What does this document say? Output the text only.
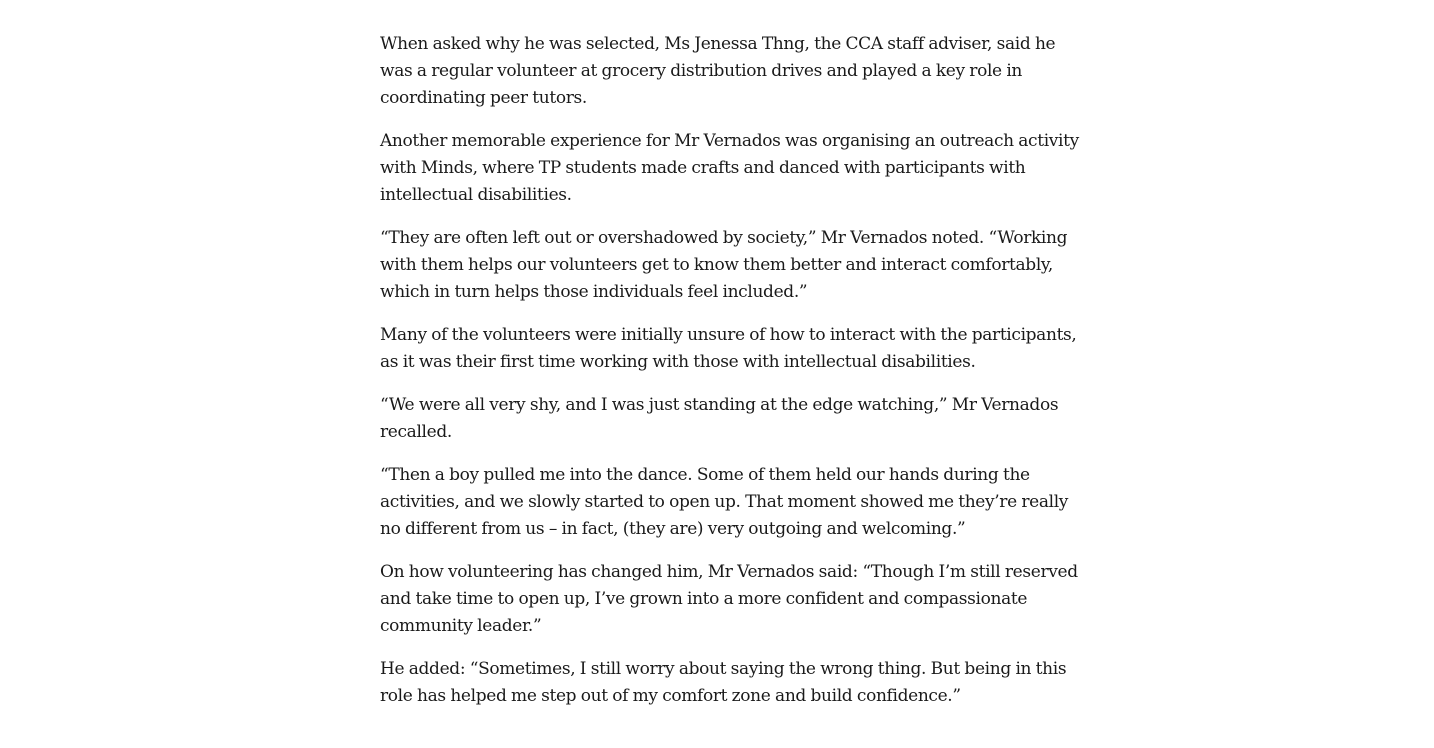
When asked why he was selected, Ms Jenessa Thng, the CCA staff adviser, said he was a regular volunteer at grocery distribution drives and played a key role in coordinating peer tutors.

Another memorable experience for Mr Vernados was organising an outreach activity with Minds, where TP students made crafts and danced with participants with intellectual disabilities.

“They are often left out or overshadowed by society,” Mr Vernados noted. “Working with them helps our volunteers get to know them better and interact comfortably, which in turn helps those individuals feel included.”

Many of the volunteers were initially unsure of how to interact with the participants, as it was their first time working with those with intellectual disabilities.

“We were all very shy, and I was just standing at the edge watching,” Mr Vernados recalled.

“Then a boy pulled me into the dance. Some of them held our hands during the activities, and we slowly started to open up. That moment showed me they’re really no different from us – in fact, (they are) very outgoing and welcoming.”

On how volunteering has changed him, Mr Vernados said: “Though I’m still reserved and take time to open up, I’ve grown into a more confident and compassionate community leader.”

He added: “Sometimes, I still worry about saying the wrong thing. But being in this role has helped me step out of my comfort zone and build confidence.”
